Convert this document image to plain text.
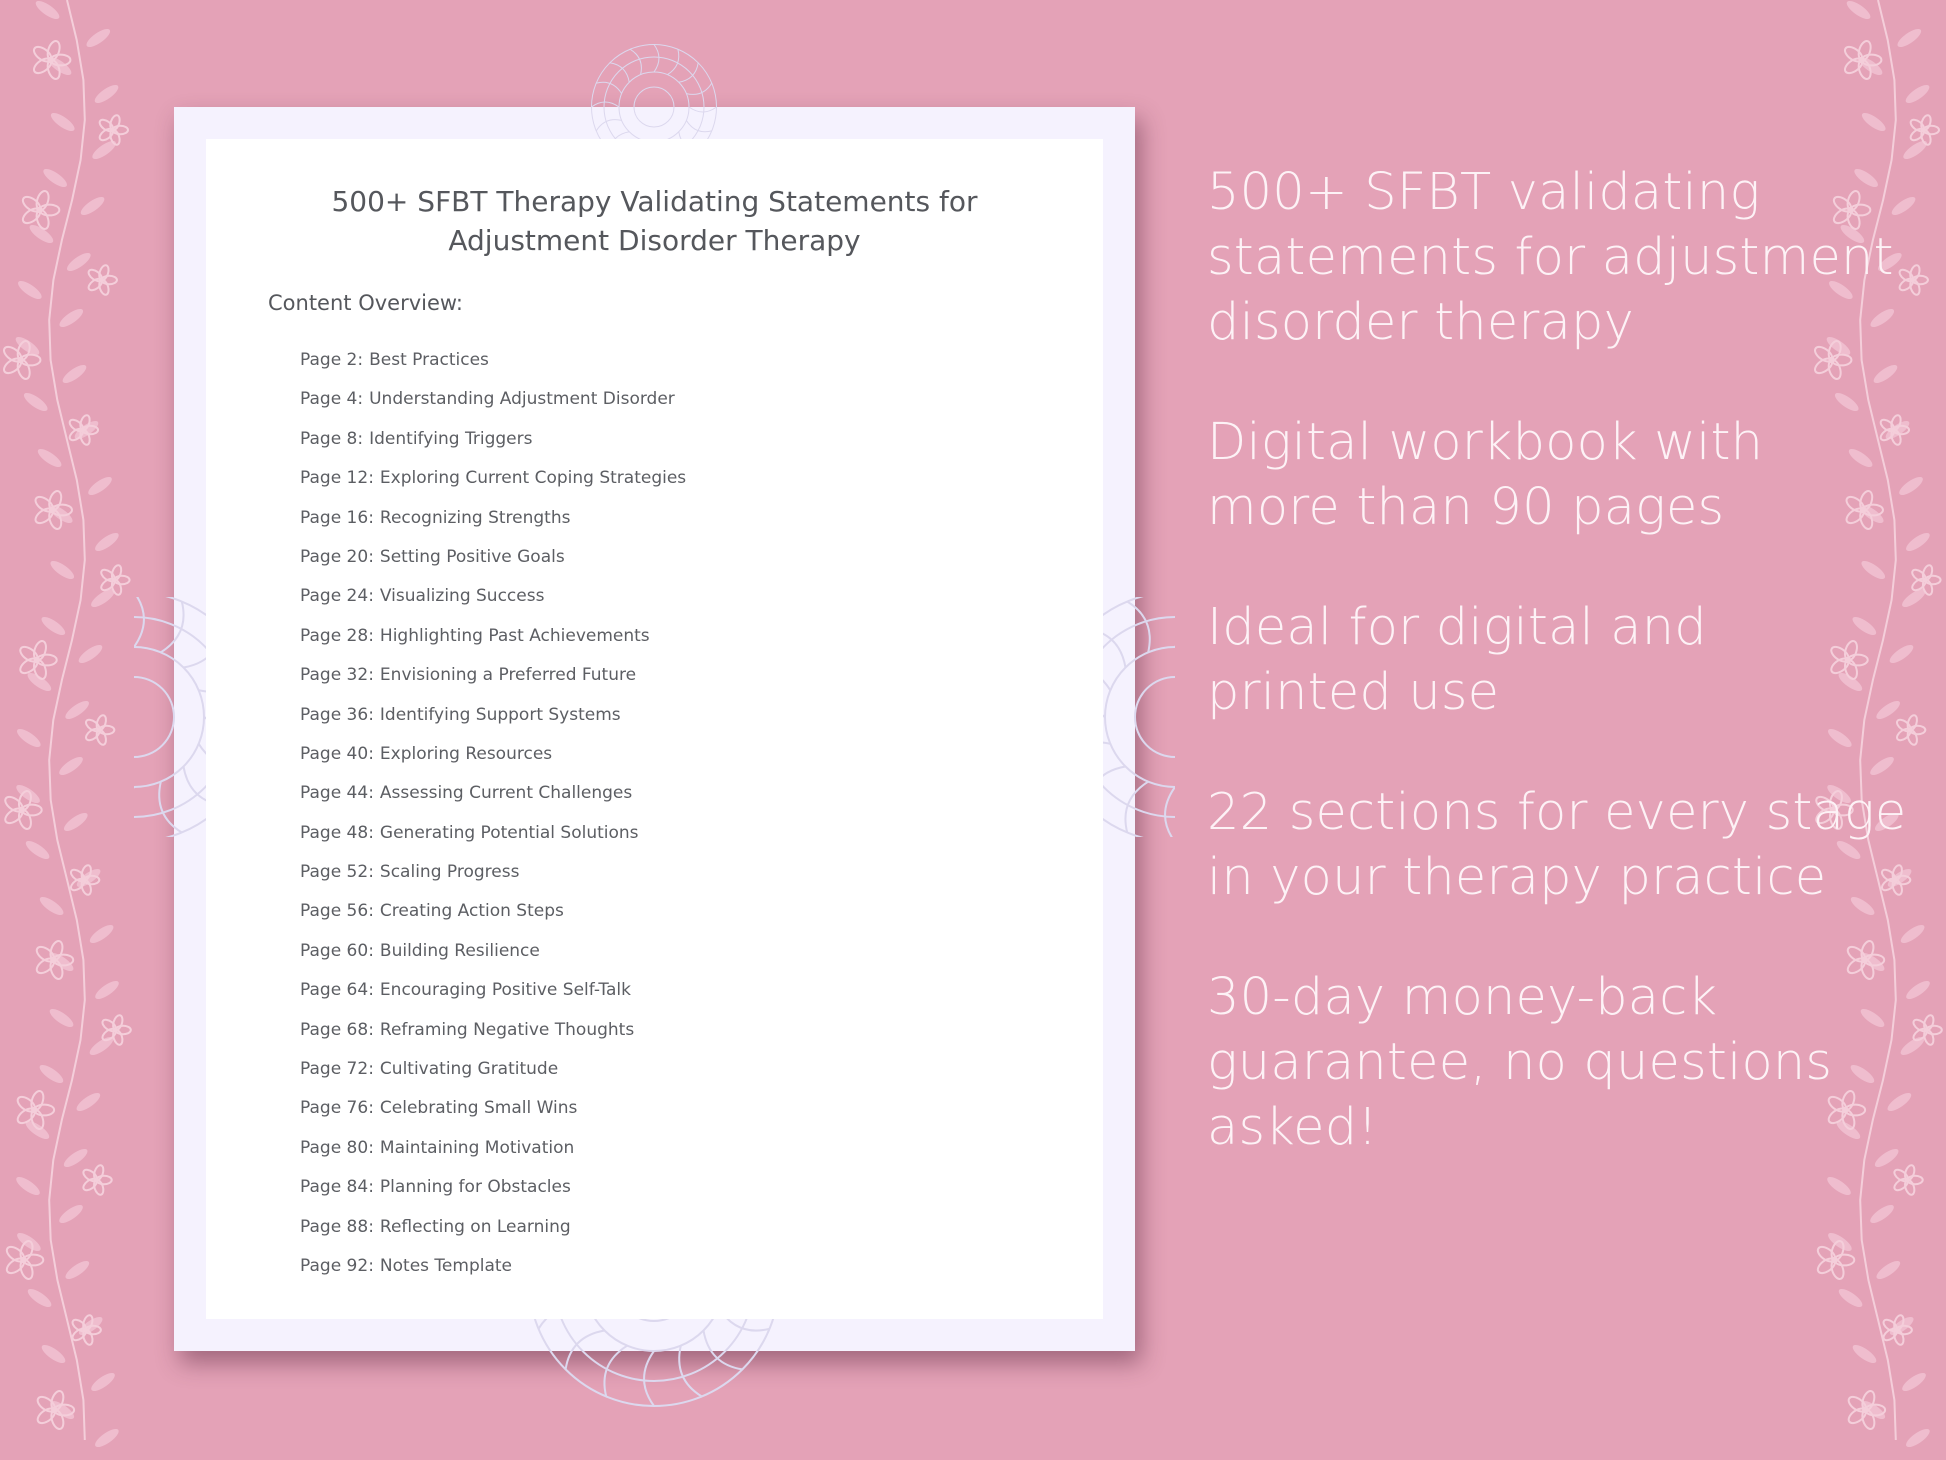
500+ SFBT Therapy Validating Statements for
Adjustment Disorder Therapy
Content Overview:
Page 2: Best Practices
Page 4: Understanding Adjustment Disorder
Page 8: Identifying Triggers
Page 12: Exploring Current Coping Strategies
Page 16: Recognizing Strengths
Page 20: Setting Positive Goals
Page 24: Visualizing Success
Page 28: Highlighting Past Achievements
Page 32: Envisioning a Preferred Future
Page 36: Identifying Support Systems
Page 40: Exploring Resources
Page 44: Assessing Current Challenges
Page 48: Generating Potential Solutions
Page 52: Scaling Progress
Page 56: Creating Action Steps
Page 60: Building Resilience
Page 64: Encouraging Positive Self-Talk
Page 68: Reframing Negative Thoughts
Page 72: Cultivating Gratitude
Page 76: Celebrating Small Wins
Page 80: Maintaining Motivation
Page 84: Planning for Obstacles
Page 88: Reflecting on Learning
Page 92: Notes Template

500+ SFBT validating statements for adjustment disorder therapy

Digital workbook with more than 90 pages

Ideal for digital and printed use

22 sections for every stage in your therapy practice

30-day money-back guarantee, no questions asked!
